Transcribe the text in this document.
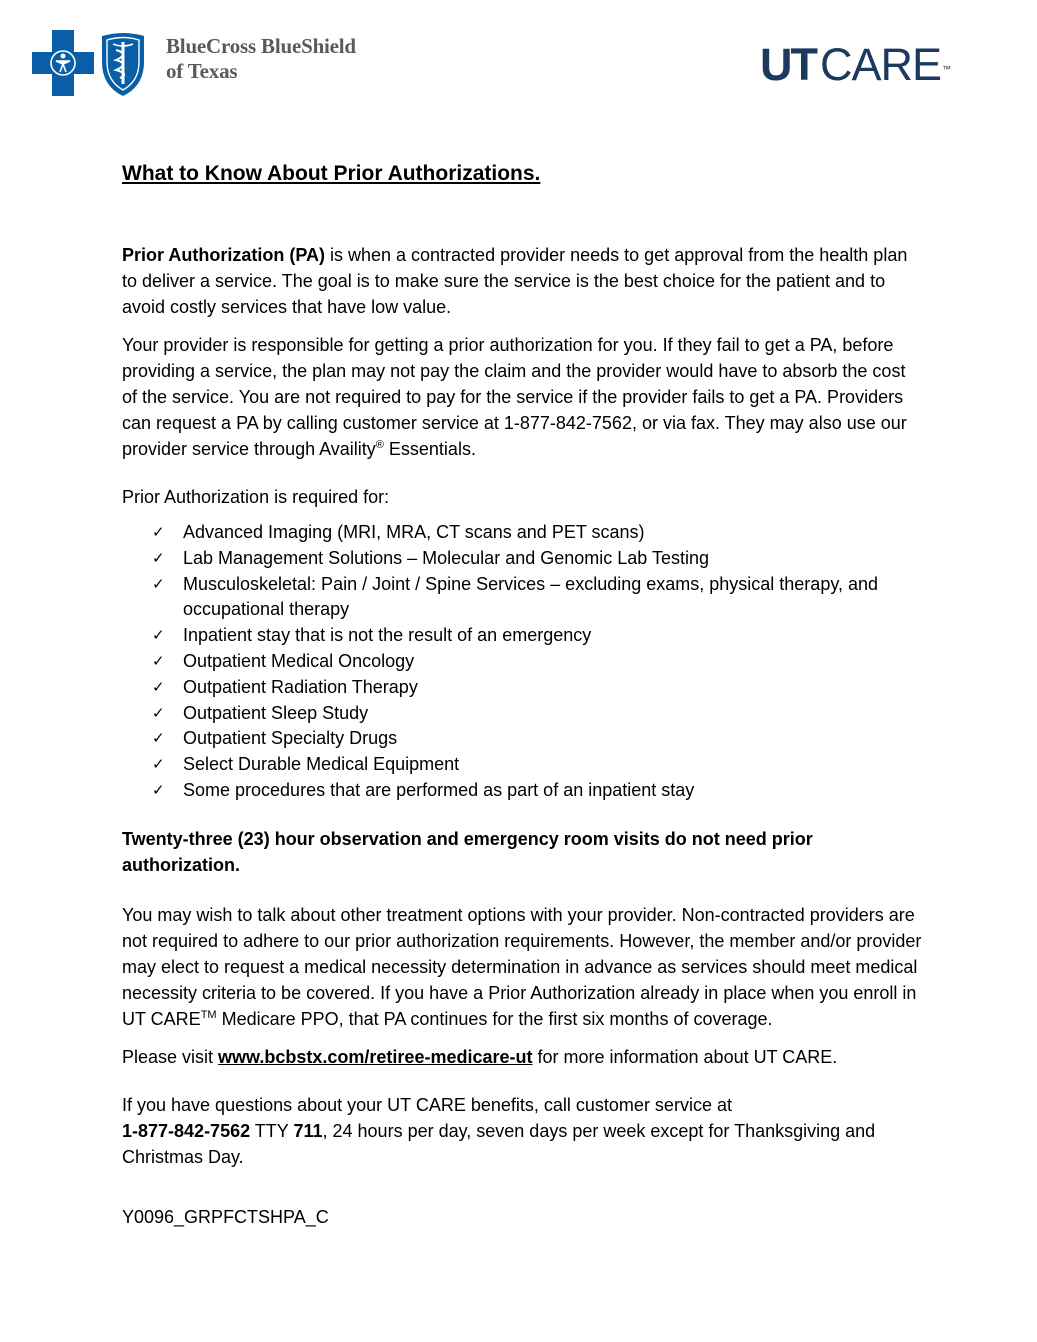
BlueCross BlueShield
of Texas	UTCARE™
What to Know About Prior Authorizations.

Prior Authorization (PA) is when a contracted provider needs to get approval from the health plan to deliver a service. The goal is to make sure the service is the best choice for the patient and to avoid costly services that have low value.

Your provider is responsible for getting a prior authorization for you. If they fail to get a PA, before providing a service, the plan may not pay the claim and the provider would have to absorb the cost of the service. You are not required to pay for the service if the provider fails to get a PA. Providers can request a PA by calling customer service at 1-877-842-7562, or via fax. They may also use our provider service through Availity® Essentials.

Prior Authorization is required for:

✓ Advanced Imaging (MRI, MRA, CT scans and PET scans)
✓ Lab Management Solutions – Molecular and Genomic Lab Testing
✓ Musculoskeletal: Pain / Joint / Spine Services – excluding exams, physical therapy, and occupational therapy
✓ Inpatient stay that is not the result of an emergency
✓ Outpatient Medical Oncology
✓ Outpatient Radiation Therapy
✓ Outpatient Sleep Study
✓ Outpatient Specialty Drugs
✓ Select Durable Medical Equipment
✓ Some procedures that are performed as part of an inpatient stay

Twenty-three (23) hour observation and emergency room visits do not need prior authorization.

You may wish to talk about other treatment options with your provider. Non-contracted providers are not required to adhere to our prior authorization requirements. However, the member and/or provider may elect to request a medical necessity determination in advance as services should meet medical necessity criteria to be covered. If you have a Prior Authorization already in place when you enroll in UT CARE™ Medicare PPO, that PA continues for the first six months of coverage.

Please visit www.bcbstx.com/retiree-medicare-ut for more information about UT CARE.

If you have questions about your UT CARE benefits, call customer service at
1-877-842-7562 TTY 711, 24 hours per day, seven days per week except for Thanksgiving and Christmas Day.

Y0096_GRPFCTSHPA_C
